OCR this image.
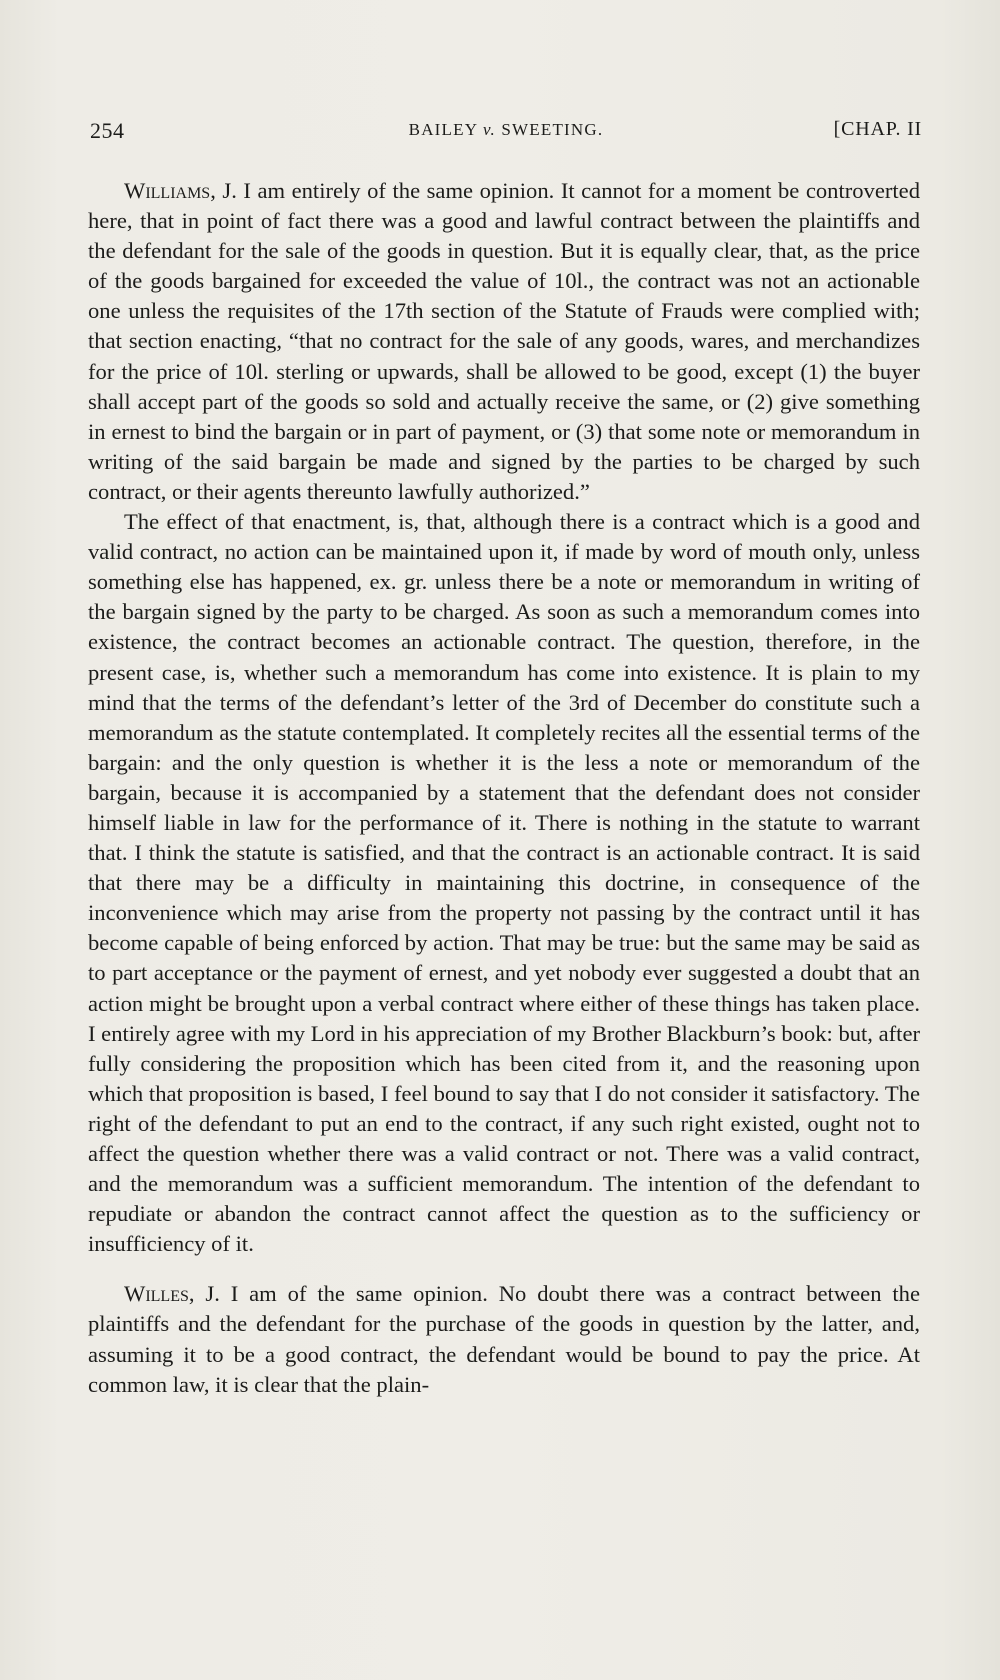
254	BAILEY v. SWEETING.	[CHAP. II

Williams, J. I am entirely of the same opinion. It cannot for a moment be controverted here, that in point of fact there was a good and lawful contract between the plaintiffs and the defendant for the sale of the goods in question. But it is equally clear, that, as the price of the goods bargained for exceeded the value of 10l., the contract was not an actionable one unless the requisites of the 17th section of the Statute of Frauds were complied with; that section enacting, “that no contract for the sale of any goods, wares, and merchandizes for the price of 10l. sterling or upwards, shall be allowed to be good, except (1) the buyer shall accept part of the goods so sold and actually receive the same, or (2) give something in ernest to bind the bargain or in part of payment, or (3) that some note or memorandum in writing of the said bargain be made and signed by the parties to be charged by such contract, or their agents thereunto lawfully authorized.”

The effect of that enactment, is, that, although there is a contract which is a good and valid contract, no action can be maintained upon it, if made by word of mouth only, unless something else has happened, ex. gr. unless there be a note or memorandum in writing of the bargain signed by the party to be charged. As soon as such a memorandum comes into existence, the contract becomes an actionable contract. The question, therefore, in the present case, is, whether such a memorandum has come into existence. It is plain to my mind that the terms of the defendant’s letter of the 3rd of December do constitute such a memorandum as the statute contemplated. It completely recites all the essential terms of the bargain: and the only question is whether it is the less a note or memorandum of the bargain, because it is accompanied by a statement that the defendant does not consider himself liable in law for the performance of it. There is nothing in the statute to warrant that. I think the statute is satisfied, and that the contract is an actionable contract. It is said that there may be a difficulty in maintaining this doctrine, in consequence of the inconvenience which may arise from the property not passing by the contract until it has become capable of being enforced by action. That may be true: but the same may be said as to part acceptance or the payment of ernest, and yet nobody ever suggested a doubt that an action might be brought upon a verbal contract where either of these things has taken place. I entirely agree with my Lord in his appreciation of my Brother Blackburn’s book: but, after fully considering the proposition which has been cited from it, and the reasoning upon which that proposition is based, I feel bound to say that I do not consider it satisfactory. The right of the defendant to put an end to the contract, if any such right existed, ought not to affect the question whether there was a valid contract or not. There was a valid contract, and the memorandum was a sufficient memorandum. The intention of the defendant to repudiate or abandon the contract cannot affect the question as to the sufficiency or insufficiency of it.

Willes, J. I am of the same opinion. No doubt there was a contract between the plaintiffs and the defendant for the purchase of the goods in question by the latter, and, assuming it to be a good contract, the defendant would be bound to pay the price. At common law, it is clear that the plain-
